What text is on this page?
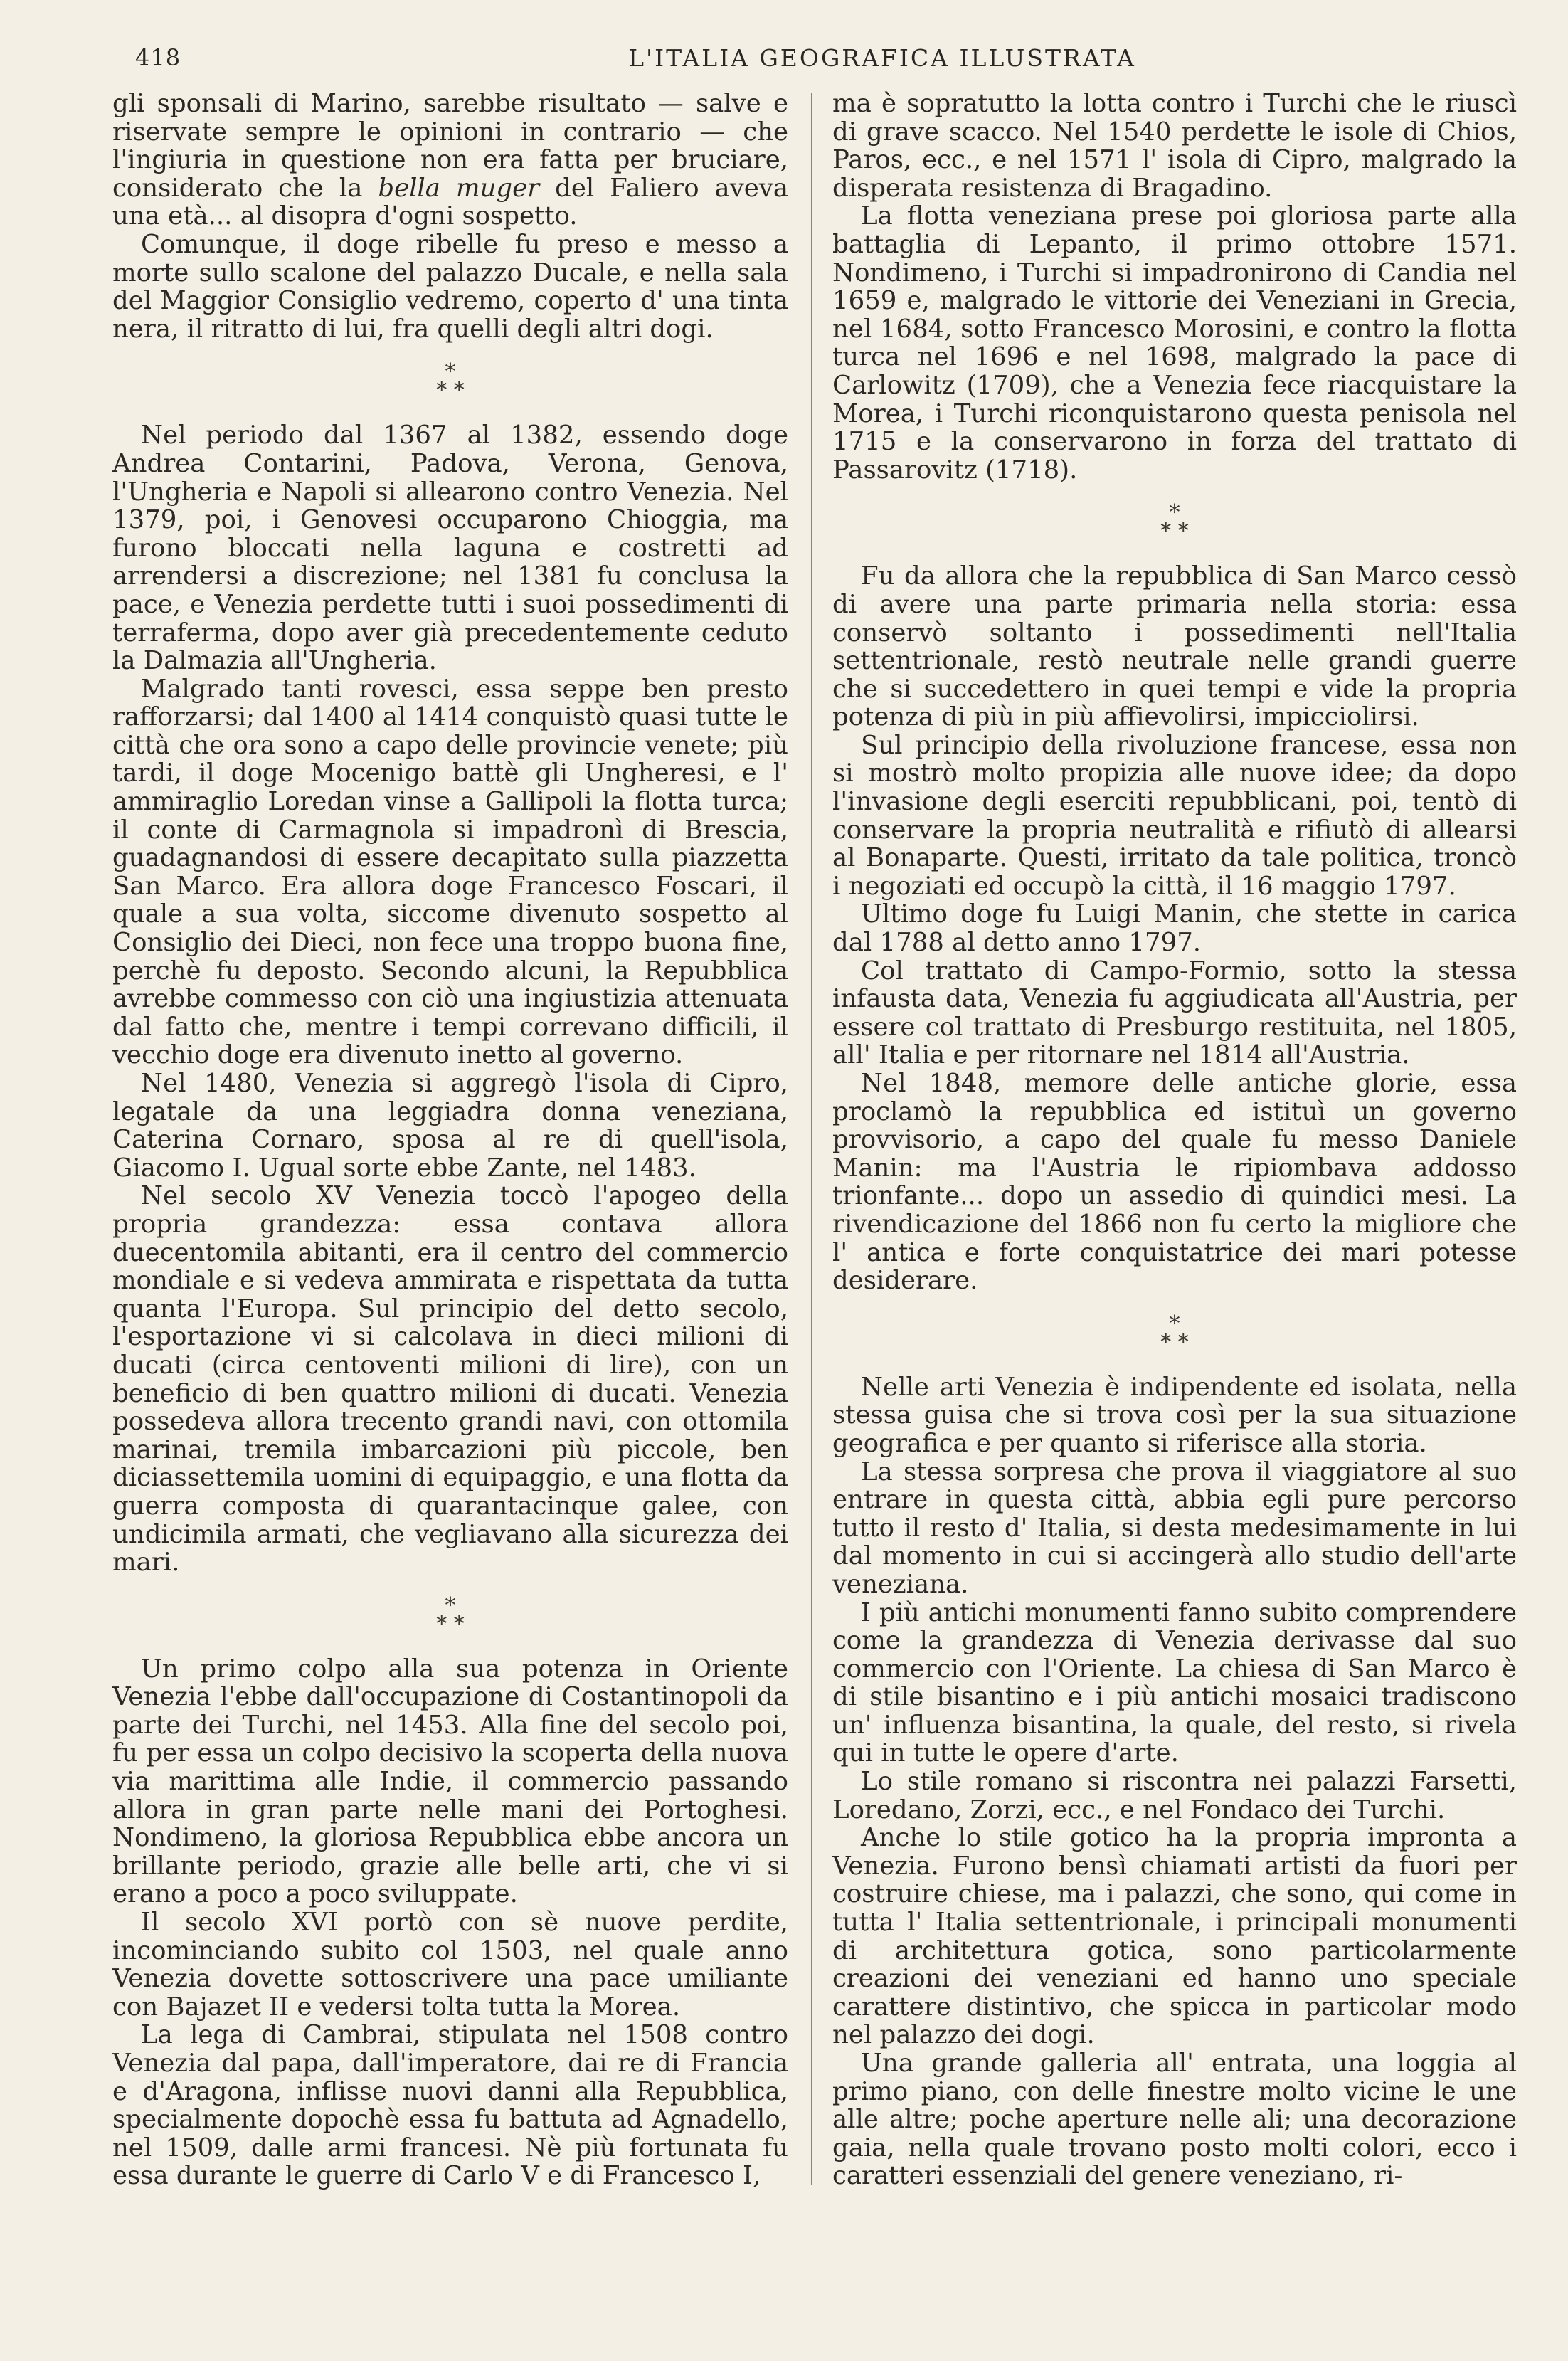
418	L'ITALIA GEOGRAFICA ILLUSTRATA

gli sponsali di Marino, sarebbe risultato — salve e riservate sempre le opinioni in contrario — che l'ingiuria in questione non era fatta per bruciare, considerato che la bella muger del Faliero aveva una età... al disopra d'ogni sospetto.

Comunque, il doge ribelle fu preso e messo a morte sullo scalone del palazzo Ducale, e nella sala del Maggior Consiglio vedremo, coperto d' una tinta nera, il ritratto di lui, fra quelli degli altri dogi.

*
* *

Nel periodo dal 1367 al 1382, essendo doge Andrea Contarini, Padova, Verona, Genova, l'Ungheria e Napoli si allearono contro Venezia. Nel 1379, poi, i Genovesi occuparono Chioggia, ma furono bloccati nella laguna e costretti ad arrendersi a discrezione; nel 1381 fu conclusa la pace, e Venezia perdette tutti i suoi possedimenti di terraferma, dopo aver già precedentemente ceduto la Dalmazia all'Ungheria.

Malgrado tanti rovesci, essa seppe ben presto rafforzarsi; dal 1400 al 1414 conquistò quasi tutte le città che ora sono a capo delle provincie venete; più tardi, il doge Mocenigo battè gli Ungheresi, e l' ammiraglio Loredan vinse a Gallipoli la flotta turca; il conte di Carmagnola si impadronì di Brescia, guadagnandosi di essere decapitato sulla piazzetta San Marco. Era allora doge Francesco Foscari, il quale a sua volta, siccome divenuto sospetto al Consiglio dei Dieci, non fece una troppo buona fine, perchè fu deposto. Secondo alcuni, la Repubblica avrebbe commesso con ciò una ingiustizia attenuata dal fatto che, mentre i tempi correvano difficili, il vecchio doge era divenuto inetto al governo.

Nel 1480, Venezia si aggregò l'isola di Cipro, legatale da una leggiadra donna veneziana, Caterina Cornaro, sposa al re di quell'isola, Giacomo I. Ugual sorte ebbe Zante, nel 1483.

Nel secolo XV Venezia toccò l'apogeo della propria grandezza: essa contava allora duecentomila abitanti, era il centro del commercio mondiale e si vedeva ammirata e rispettata da tutta quanta l'Europa. Sul principio del detto secolo, l'esportazione vi si calcolava in dieci milioni di ducati (circa centoventi milioni di lire), con un beneficio di ben quattro milioni di ducati. Venezia possedeva allora trecento grandi navi, con ottomila marinai, tremila imbarcazioni più piccole, ben diciassettemila uomini di equipaggio, e una flotta da guerra composta di quarantacinque galee, con undicimila armati, che vegliavano alla sicurezza dei mari.

*
* *

Un primo colpo alla sua potenza in Oriente Venezia l'ebbe dall'occupazione di Costantinopoli da parte dei Turchi, nel 1453. Alla fine del secolo poi, fu per essa un colpo decisivo la scoperta della nuova via marittima alle Indie, il commercio passando allora in gran parte nelle mani dei Portoghesi. Nondimeno, la gloriosa Repubblica ebbe ancora un brillante periodo, grazie alle belle arti, che vi si erano a poco a poco sviluppate.

Il secolo XVI portò con sè nuove perdite, incominciando subito col 1503, nel quale anno Venezia dovette sottoscrivere una pace umiliante con Bajazet II e vedersi tolta tutta la Morea.

La lega di Cambrai, stipulata nel 1508 contro Venezia dal papa, dall'imperatore, dai re di Francia e d'Aragona, inflisse nuovi danni alla Repubblica, specialmente dopochè essa fu battuta ad Agnadello, nel 1509, dalle armi francesi. Nè più fortunata fu essa durante le guerre di Carlo V e di Francesco I,

ma è sopratutto la lotta contro i Turchi che le riuscì di grave scacco. Nel 1540 perdette le isole di Chios, Paros, ecc., e nel 1571 l' isola di Cipro, malgrado la disperata resistenza di Bragadino.

La flotta veneziana prese poi gloriosa parte alla battaglia di Lepanto, il primo ottobre 1571. Nondimeno, i Turchi si impadronirono di Candia nel 1659 e, malgrado le vittorie dei Veneziani in Grecia, nel 1684, sotto Francesco Morosini, e contro la flotta turca nel 1696 e nel 1698, malgrado la pace di Carlowitz (1709), che a Venezia fece riacquistare la Morea, i Turchi riconquistarono questa penisola nel 1715 e la conservarono in forza del trattato di Passarovitz (1718).

*
* *

Fu da allora che la repubblica di San Marco cessò di avere una parte primaria nella storia: essa conservò soltanto i possedimenti nell'Italia settentrionale, restò neutrale nelle grandi guerre che si succedettero in quei tempi e vide la propria potenza di più in più affievolirsi, impicciolirsi.

Sul principio della rivoluzione francese, essa non si mostrò molto propizia alle nuove idee; da dopo l'invasione degli eserciti repubblicani, poi, tentò di conservare la propria neutralità e rifiutò di allearsi al Bonaparte. Questi, irritato da tale politica, troncò i negoziati ed occupò la città, il 16 maggio 1797.

Ultimo doge fu Luigi Manin, che stette in carica dal 1788 al detto anno 1797.

Col trattato di Campo-Formio, sotto la stessa infausta data, Venezia fu aggiudicata all'Austria, per essere col trattato di Presburgo restituita, nel 1805, all' Italia e per ritornare nel 1814 all'Austria.

Nel 1848, memore delle antiche glorie, essa proclamò la repubblica ed istituì un governo provvisorio, a capo del quale fu messo Daniele Manin: ma l'Austria le ripiombava addosso trionfante... dopo un assedio di quindici mesi. La rivendicazione del 1866 non fu certo la migliore che l' antica e forte conquistatrice dei mari potesse desiderare.

*
* *

Nelle arti Venezia è indipendente ed isolata, nella stessa guisa che si trova così per la sua situazione geografica e per quanto si riferisce alla storia.

La stessa sorpresa che prova il viaggiatore al suo entrare in questa città, abbia egli pure percorso tutto il resto d' Italia, si desta medesimamente in lui dal momento in cui si accingerà allo studio dell'arte veneziana.

I più antichi monumenti fanno subito comprendere come la grandezza di Venezia derivasse dal suo commercio con l'Oriente. La chiesa di San Marco è di stile bisantino e i più antichi mosaici tradiscono un' influenza bisantina, la quale, del resto, si rivela qui in tutte le opere d'arte.

Lo stile romano si riscontra nei palazzi Farsetti, Loredano, Zorzi, ecc., e nel Fondaco dei Turchi.

Anche lo stile gotico ha la propria impronta a Venezia. Furono bensì chiamati artisti da fuori per costruire chiese, ma i palazzi, che sono, qui come in tutta l' Italia settentrionale, i principali monumenti di architettura gotica, sono particolarmente creazioni dei veneziani ed hanno uno speciale carattere distintivo, che spicca in particolar modo nel palazzo dei dogi.

Una grande galleria all' entrata, una loggia al primo piano, con delle finestre molto vicine le une alle altre; poche aperture nelle ali; una decorazione gaia, nella quale trovano posto molti colori, ecco i caratteri essenziali del genere veneziano, ri-
